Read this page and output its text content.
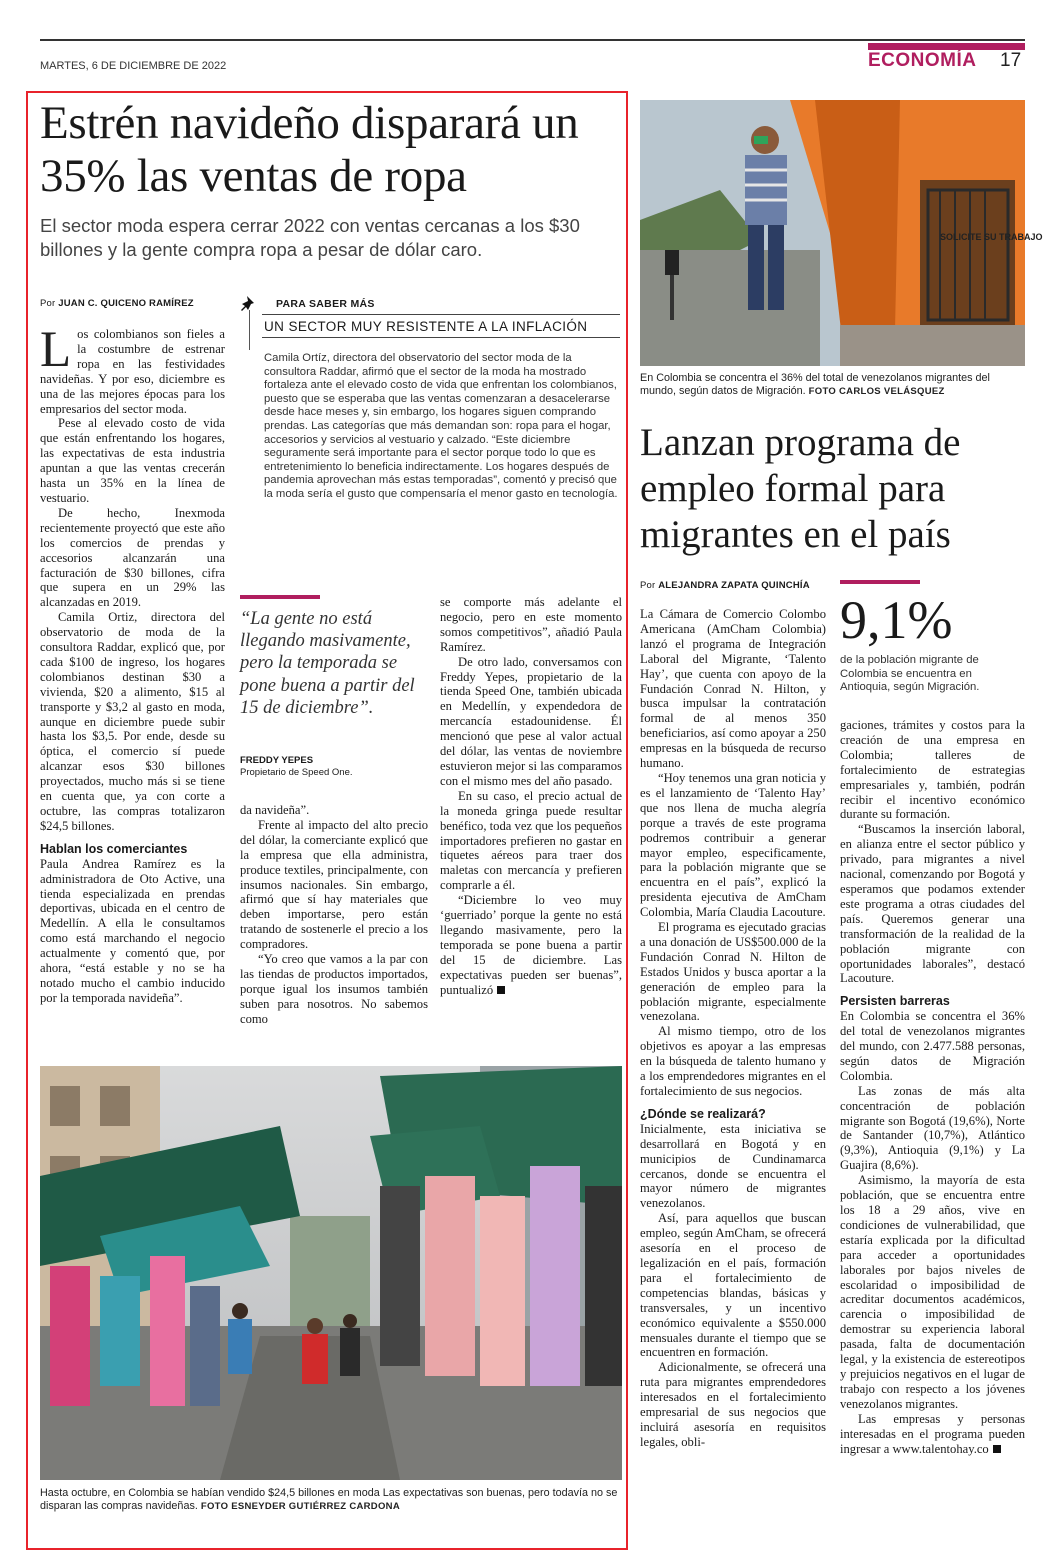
MARTES, 6 DE DICIEMBRE DE 2022	ECONOMÍA 17
Estrén navideño disparará un 35% las ventas de ropa
El sector moda espera cerrar 2022 con ventas cercanas a los $30 billones y la gente compra ropa a pesar de dólar caro.
Por JUAN C. QUICENO RAMÍREZ

Los colombianos son fieles a la costumbre de estrenar ropa en las festividades navideñas. Y por eso, diciembre es una de las mejores épocas para los empresarios del sector moda.

Pese al elevado costo de vida que están enfrentando los hogares, las expectativas de esta industria apuntan a que las ventas crecerán hasta un 35% en la línea de vestuario.

De hecho, Inexmoda recientemente proyectó que este año los comercios de prendas y accesorios alcanzarán una facturación de $30 billones, cifra que supera en un 29% las alcanzadas en 2019.

Camila Ortiz, directora del observatorio de moda de la consultora Raddar, explicó que, por cada $100 de ingreso, los hogares colombianos destinan $30 a vivienda, $20 a alimento, $15 al transporte y $3,2 al gasto en moda, aunque en diciembre puede subir hasta los $3,5. Por ende, desde su óptica, el comercio sí puede alcanzar esos $30 billones proyectados, mucho más si se tiene en cuenta que, ya con corte a octubre, las compras totalizaron $24,5 billones.

Hablan los comerciantes

Paula Andrea Ramírez es la administradora de Oto Active, una tienda especializada en prendas deportivas, ubicada en el centro de Medellín. A ella le consultamos como está marchando el negocio actualmente y comentó que, por ahora, “está estable y no se ha notado mucho el cambio inducido por la temporada navideña”.

PARA SABER MÁS
UN SECTOR MUY RESISTENTE A LA INFLACIÓN
Camila Ortíz, directora del observatorio del sector moda de la consultora Raddar, afirmó que el sector de la moda ha mostrado fortaleza ante el elevado costo de vida que enfrentan los colombianos, puesto que se esperaba que las ventas comenzaran a desacelerarse desde hace meses y, sin embargo, los hogares siguen comprando prendas. Las categorías que más demandan son: ropa para el hogar, accesorios y servicios al vestuario y calzado. “Este diciembre seguramente será importante para el sector porque todo lo que es entretenimiento lo beneficia indirectamente. Los hogares después de pandemia aprovechan más estas temporadas”, comentó y precisó que la moda sería el gusto que compensaría el menor gasto en tecnología.
“La gente no está llegando masivamente, pero la temporada se pone buena a partir del 15 de diciembre”.
FREDDY YEPES
Propietario de Speed One.

da navideña”.

Frente al impacto del alto precio del dólar, la comerciante explicó que la empresa que ella administra, produce textiles, principalmente, con insumos nacionales. Sin embargo, afirmó que sí hay materiales que deben importarse, pero están tratando de sostenerle el precio a los compradores.

“Yo creo que vamos a la par con las tiendas de productos importados, porque igual los insumos también suben para nosotros. No sabemos como

se comporte más adelante el negocio, pero en este momento somos competitivos”, añadió Paula Ramírez.

De otro lado, conversamos con Freddy Yepes, propietario de la tienda Speed One, también ubicada en Medellín, y expendedora de mercancía estadounidense. Él mencionó que pese al valor actual del dólar, las ventas de noviembre estuvieron mejor si las comparamos con el mismo mes del año pasado.

En su caso, el precio actual de la moneda gringa puede resultar benéfico, toda vez que los pequeños importadores prefieren no gastar en tiquetes aéreos para traer dos maletas con mercancía y prefieren comprarle a él.

“Diciembre lo veo muy ‘guerriado’ porque la gente no está llegando masivamente, pero la temporada se pone buena a partir del 15 de diciembre. Las expectativas pueden ser buenas”, puntualizó

Hasta octubre, en Colombia se habían vendido $24,5 billones en moda Las expectativas son buenas, pero todavía no se disparan las compras navideñas. FOTO ESNEYDER GUTIÉRREZ CARDONA
SOLICITE SU TRABAJO
En Colombia se concentra el 36% del total de venezolanos migrantes del mundo, según datos de Migración. FOTO CARLOS VELÁSQUEZ
Lanzan programa de empleo formal para migrantes en el país
Por ALEJANDRA ZAPATA QUINCHÍA
9,1%
de la población migrante de Colombia se encuentra en Antioquia, según Migración.

La Cámara de Comercio Colombo Americana (AmCham Colombia) lanzó el programa de Integración Laboral del Migrante, ‘Talento Hay’, que cuenta con apoyo de la Fundación Conrad N. Hilton, y busca impulsar la contratación formal de al menos 350 beneficiarios, así como apoyar a 250 empresas en la búsqueda de recurso humano.

“Hoy tenemos una gran noticia y es el lanzamiento de ‘Talento Hay’ que nos llena de mucha alegría porque a través de este programa podremos contribuir a generar mayor empleo, especificamente, para la población migrante que se encuentra en el país”, explicó la presidenta ejecutiva de AmCham Colombia, María Claudia Lacouture.

El programa es ejecutado gracias a una donación de US$500.000 de la Fundación Conrad N. Hilton de Estados Unidos y busca aportar a la generación de empleo para la población migrante, especialmente venezolana.

Al mismo tiempo, otro de los objetivos es apoyar a las empresas en la búsqueda de talento humano y a los emprendedores migrantes en el fortalecimiento de sus negocios.

¿Dónde se realizará?

Inicialmente, esta iniciativa se desarrollará en Bogotá y en municipios de Cundinamarca cercanos, donde se encuentra el mayor número de migrantes venezolanos.

Así, para aquellos que buscan empleo, según AmCham, se ofrecerá asesoría en el proceso de legalización en el país, formación para el fortalecimiento de competencias blandas, básicas y transversales, y un incentivo económico equivalente a $550.000 mensuales durante el tiempo que se encuentren en formación.

Adicionalmente, se ofrecerá una ruta para migrantes emprendedores interesados en el fortalecimiento empresarial de sus negocios que incluirá asesoría en requisitos legales, obli-

gaciones, trámites y costos para la creación de una empresa en Colombia; talleres de fortalecimiento de estrategias empresariales y, también, podrán recibir el incentivo económico durante su formación.

“Buscamos la inserción laboral, en alianza entre el sector público y privado, para migrantes a nivel nacional, comenzando por Bogotá y esperamos que podamos extender este programa a otras ciudades del país. Queremos generar una transformación de la realidad de la población migrante con oportunidades laborales”, destacó Lacouture.

Persisten barreras

En Colombia se concentra el 36% del total de venezolanos migrantes del mundo, con 2.477.588 personas, según datos de Migración Colombia.

Las zonas de más alta concentración de población migrante son Bogotá (19,6%), Norte de Santander (10,7%), Atlántico (9,3%), Antioquia (9,1%) y La Guajira (8,6%).

Asimismo, la mayoría de esta población, que se encuentra entre los 18 a 29 años, vive en condiciones de vulnerabilidad, que estaría explicada por la dificultad para acceder a oportunidades laborales por bajos niveles de escolaridad o imposibilidad de acreditar documentos académicos, carencia o imposibilidad de demostrar su experiencia laboral pasada, falta de documentación legal, y la existencia de estereotipos y prejuicios negativos en el lugar de trabajo con respecto a los jóvenes venezolanos migrantes.

Las empresas y personas interesadas en el programa pueden ingresar a www.talentohay.co
